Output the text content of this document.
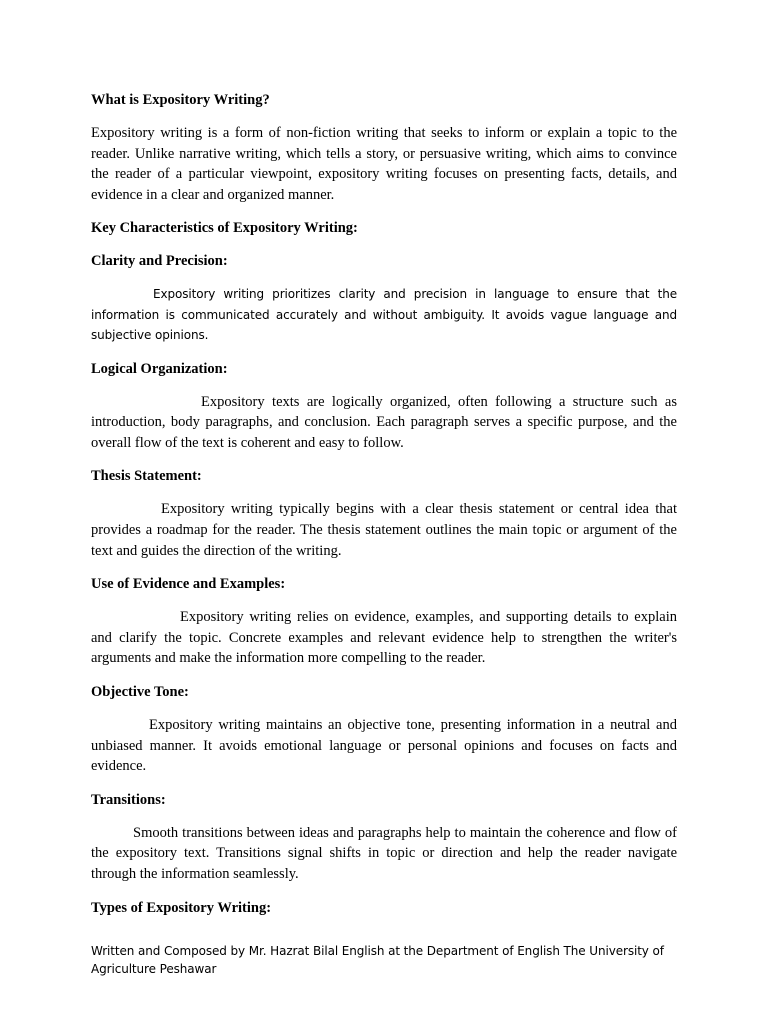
What is Expository Writing?
Expository writing is a form of non-fiction writing that seeks to inform or explain a topic to the reader. Unlike narrative writing, which tells a story, or persuasive writing, which aims to convince the reader of a particular viewpoint, expository writing focuses on presenting facts, details, and evidence in a clear and organized manner.
Key Characteristics of Expository Writing:
Clarity and Precision:
Expository writing prioritizes clarity and precision in language to ensure that the information is communicated accurately and without ambiguity. It avoids vague language and subjective opinions.
Logical Organization:
Expository texts are logically organized, often following a structure such as introduction, body paragraphs, and conclusion. Each paragraph serves a specific purpose, and the overall flow of the text is coherent and easy to follow.
Thesis Statement:
Expository writing typically begins with a clear thesis statement or central idea that provides a roadmap for the reader. The thesis statement outlines the main topic or argument of the text and guides the direction of the writing.
Use of Evidence and Examples:
Expository writing relies on evidence, examples, and supporting details to explain and clarify the topic. Concrete examples and relevant evidence help to strengthen the writer's arguments and make the information more compelling to the reader.
Objective Tone:
Expository writing maintains an objective tone, presenting information in a neutral and unbiased manner. It avoids emotional language or personal opinions and focuses on facts and evidence.
Transitions:
Smooth transitions between ideas and paragraphs help to maintain the coherence and flow of the expository text. Transitions signal shifts in topic or direction and help the reader navigate through the information seamlessly.
Types of Expository Writing:
Written and Composed by Mr. Hazrat Bilal English at the Department of English The University of Agriculture Peshawar
